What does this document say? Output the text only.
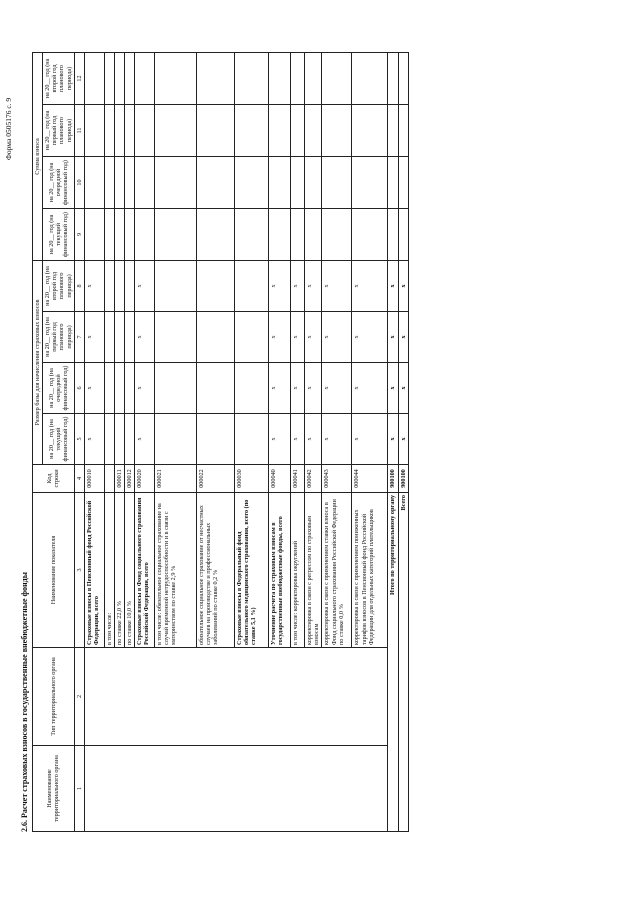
Форма 0505176 с. 9
2.6. Расчет страховых взносов в государственные внебюджетные фонды	Наименование территориального органа	Тип территориального органа	Наименование показателя	Код строки	Размер базы для начисления страховых взносов				Сумма взноса			
				на 20__ год (на текущий финансовый год)	на 20__ год (на очередной финансовый год)	на 20__ год (на первый год планового периода)	на 20__ год (на второй год планового периода)	на 20__ год (на текущий финансовый год)	на 20__ год (на очередной финансовый год)	на 20__ год (на первый год планового периода)	на 20__ год (на второй год планового периода)
1	2	3	4	5	6	7	8	9	10	11	12
		Страховые взносы в Пенсионный фонд Российской Федерации, всего	000010	x	x	x	x				
		в том числе:									
		по ставке 22,0 %	000011								
		по ставке 10,0 %	000012								
		Страховые взносы в Фонд социального страхования Российской Федерации, всего	000020	x	x	x	x				
		в том числе: обязательное социальное страхование на случай временной нетрудоспособности и в связи с материнством по ставке 2,9 %	000021								
		обязательное социальное страхование от несчастных случаев на производстве и профессиональных заболеваний по ставке 0,2 %	000022								
		Страховые взносы в Федеральный фонд обязательного медицинского страхования, всего (по ставке 5,1 %)	000030								
		Уточнение расчета по страховым взносам в государственные внебюджетные фонды, всего	000040	x	x	x	x				
		в том числе: корректировка округлений	000041	x	x	x	x				
		корректировка в связи с регрессом по страховым взносам	000042	x	x	x	x				
		корректировка в связи с применением ставки взноса в Фонд социального страхования Российской Федерации по ставке 0,0 %	000043	x	x	x	x				
		корректировка в связи с применением пониженных тарифов взносов в Пенсионный фонд Российской Федерации для отдельных категорий плательщиков	000044	x	x	x	x				
Итого по территориальному органу			900100	x	x	x	x				
Всего			900100	x	x	x	x				
